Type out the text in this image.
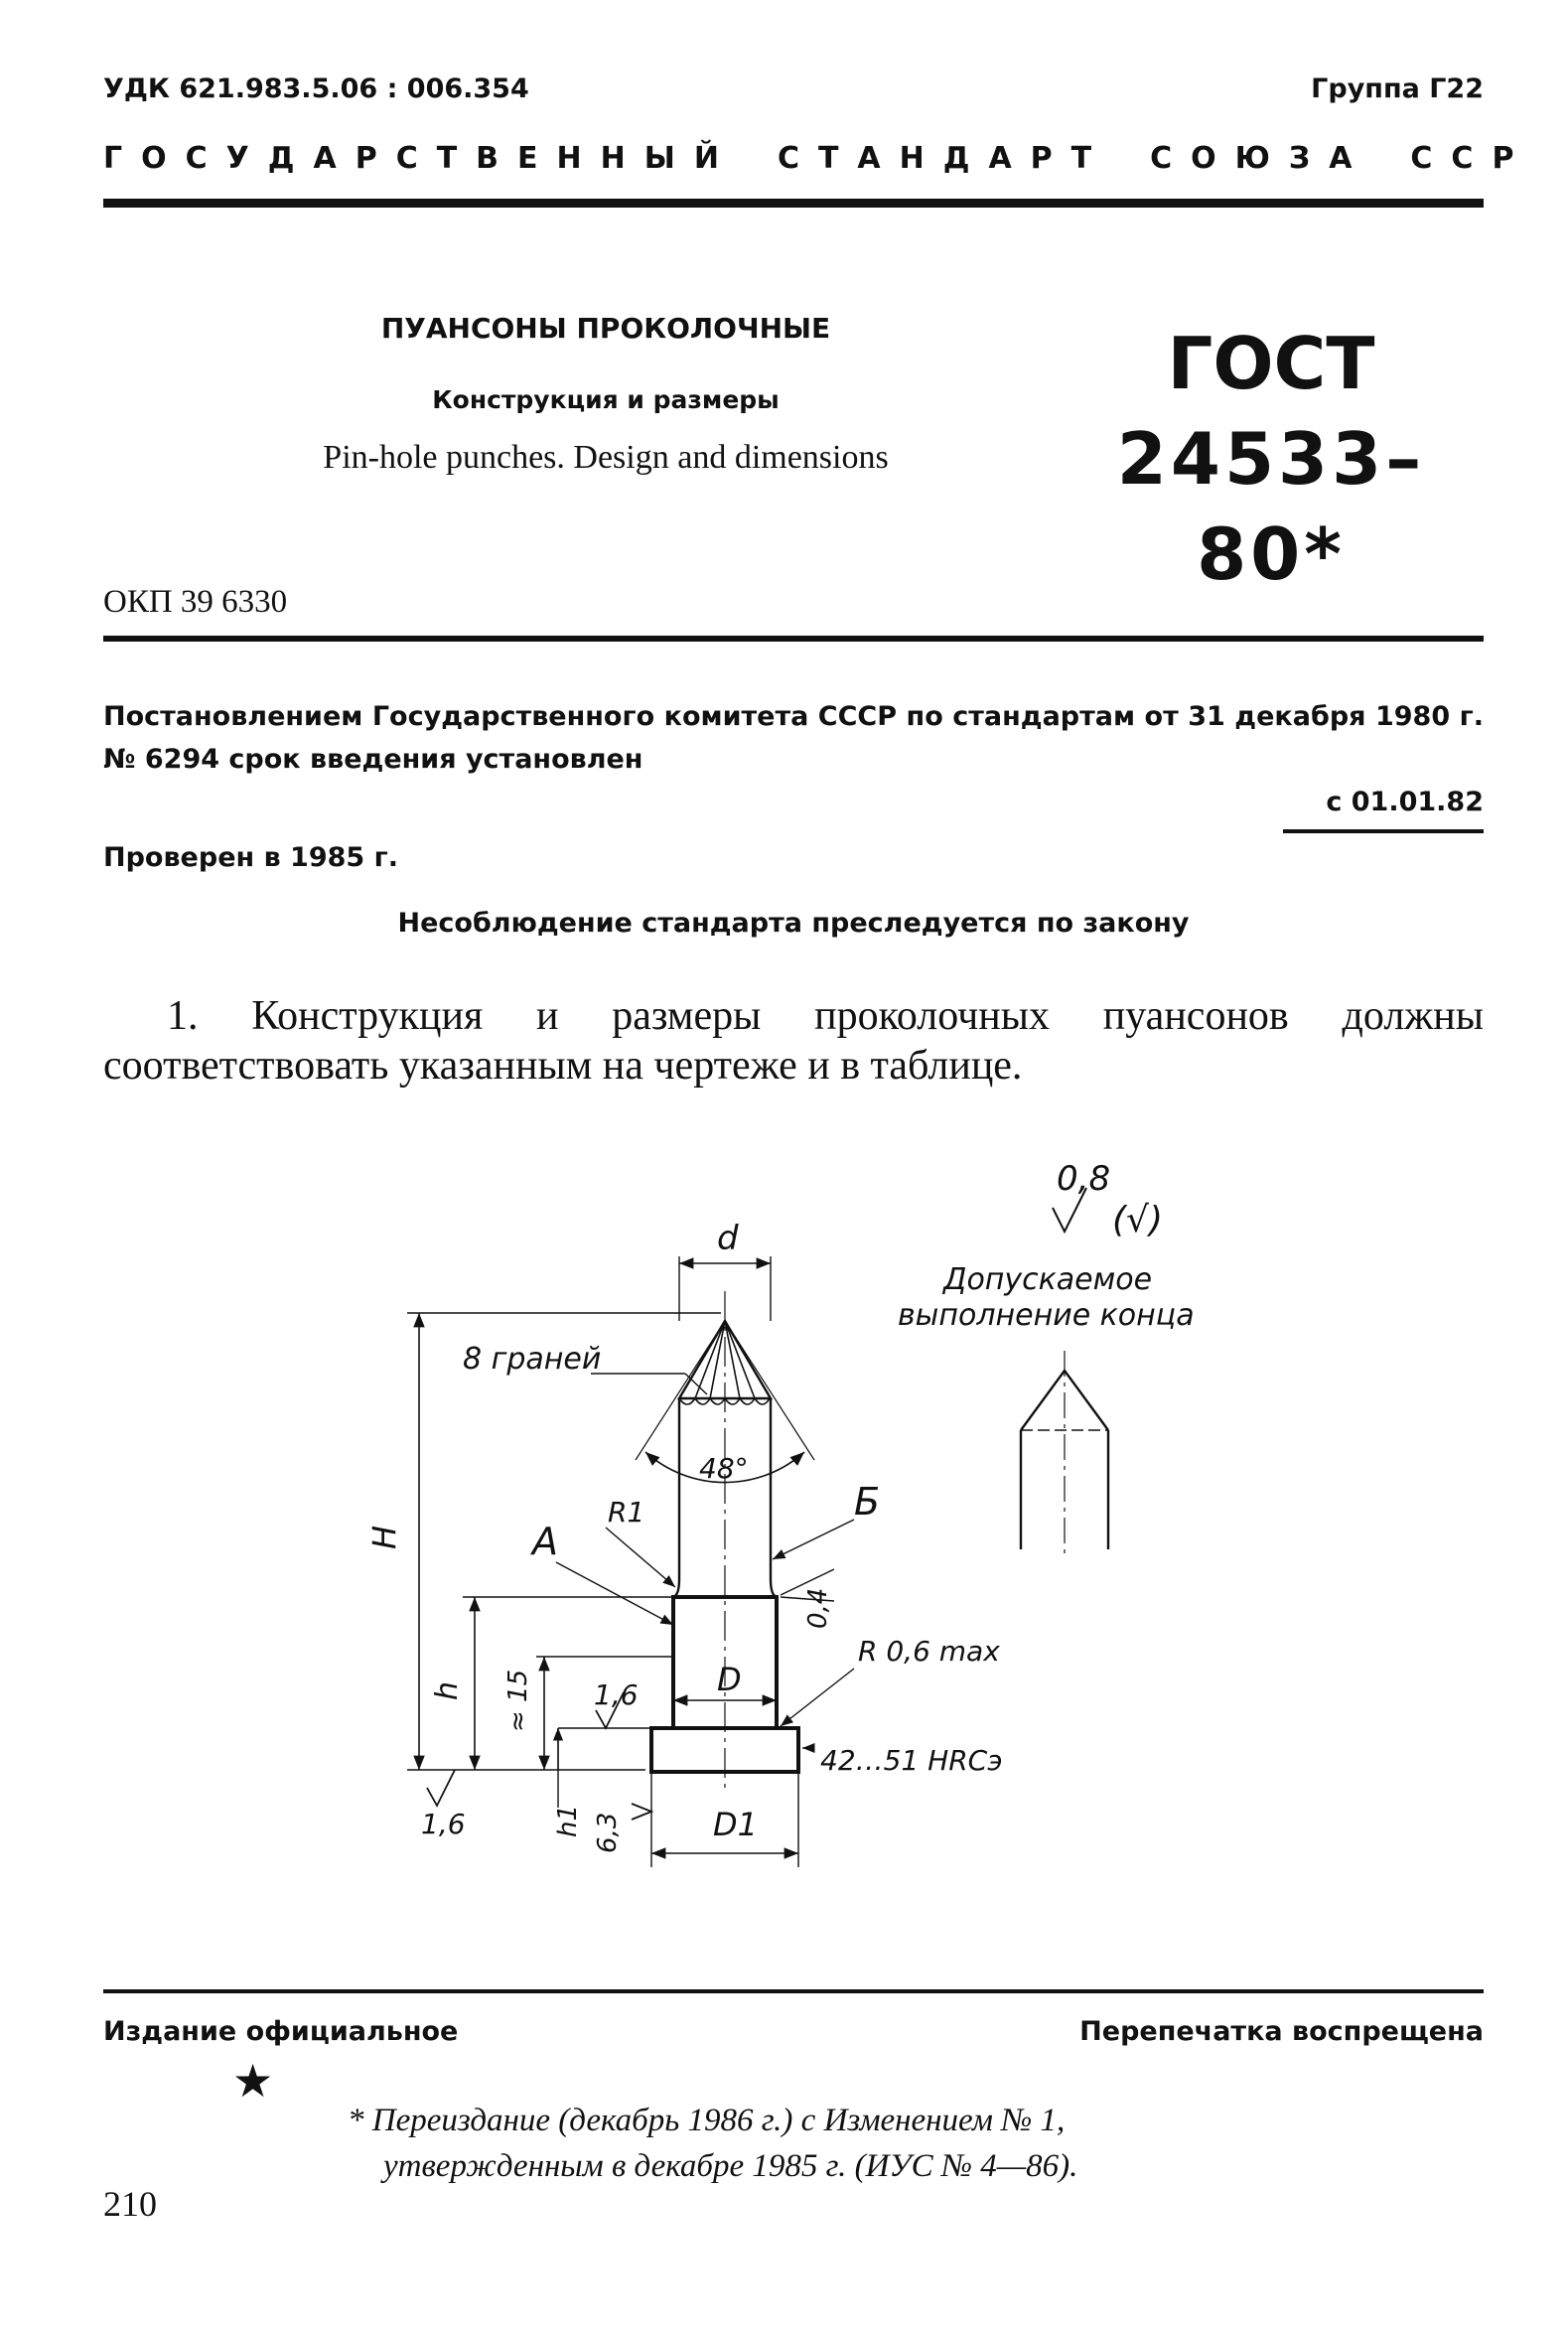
УДК 621.983.5.06 : 006.354	Группа Г22
ГОСУДАРСТВЕННЫЙ СТАНДАРТ СОЮЗА ССР
ПУАНСОНЫ ПРОКОЛОЧНЫЕ
Конструкция и размеры
Pin-hole punches. Design and dimensions
ГОСТ
24533–80*
ОКП 39 6330
Постановлением Государственного комитета СССР по стандартам от 31 декабря 1980 г. № 6294 срок введения установлен
с 01.01.82
Проверен в 1985 г.
Несоблюдение стандарта преследуется по закону
1. Конструкция и размеры проколочных пуансонов должны соответствовать указанным на чертеже и в таблице.
0,8
(√)
Допускаемое
выполнение конца
d
8 граней
48°
Б
А
R1
H
0,4
R 0,6 max
h ≈ 15 1,6 D
42…51 HRCэ
1,6	h1 6,3	D1
Издание официальное	Перепечатка воспрещена
★
* Переиздание (декабрь 1986 г.) с Изменением № 1,
утвержденным в декабре 1985 г. (ИУС № 4—86).
210
